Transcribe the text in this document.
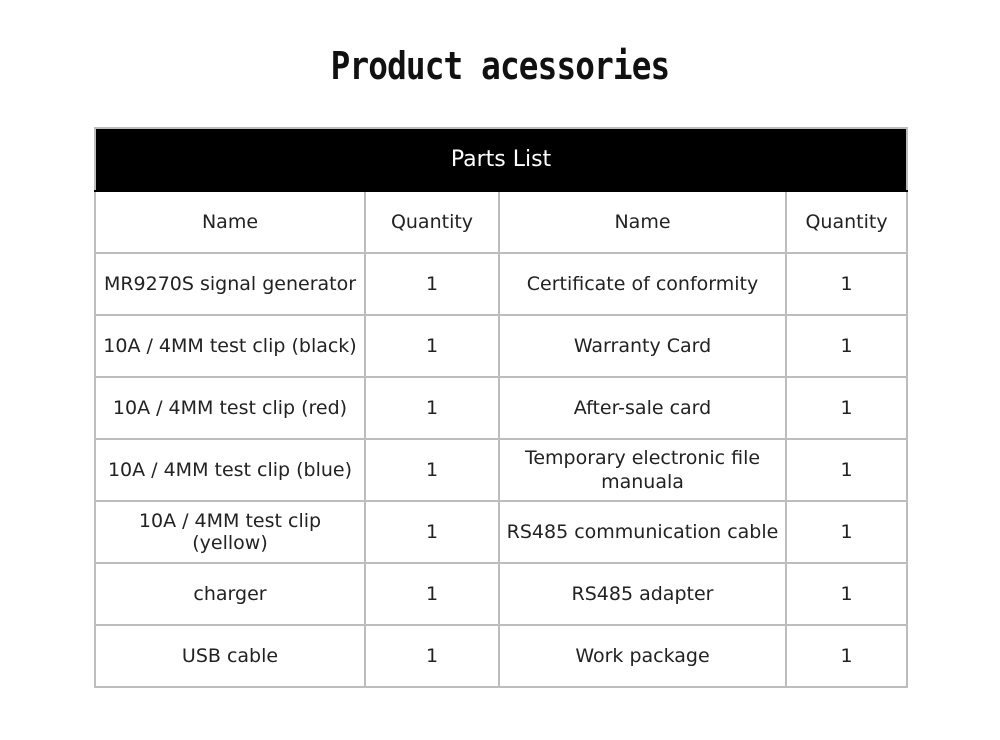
Product acessories
Parts List			
Name	Quantity	Name	Quantity
MR9270S signal generator	1	Certificate of conformity	1
10A / 4MM test clip (black)	1	Warranty Card	1
10A / 4MM test clip (red)	1	After-sale card	1
10A / 4MM test clip (blue)	1	Temporary electronic file manuala	1
10A / 4MM test clip (yellow)	1	RS485 communication cable	1
charger	1	RS485 adapter	1
USB cable	1	Work package	1
